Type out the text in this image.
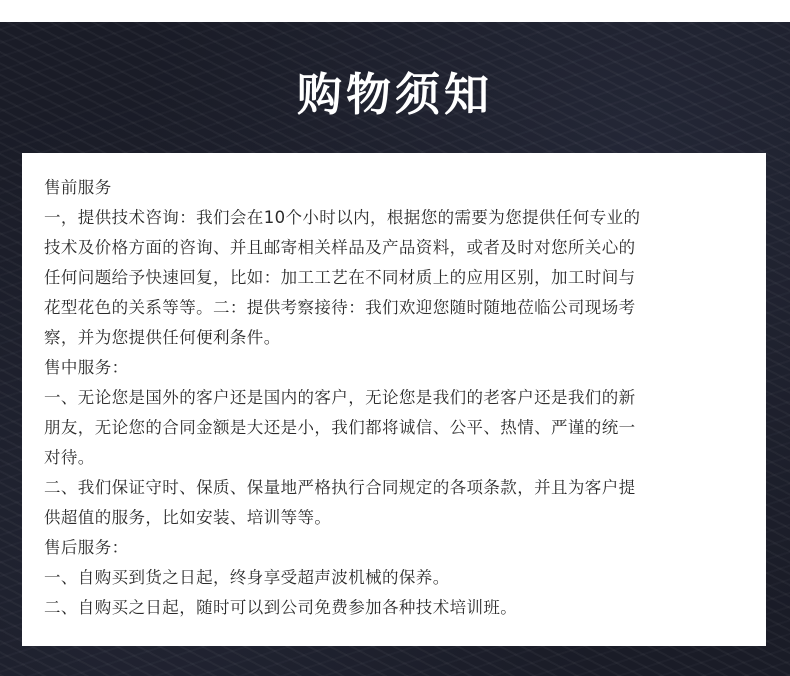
购物须知

售前服务

一，提供技术咨询：我们会在10个小时以内，根据您的需要为您提供任何专业的

技术及价格方面的咨询、并且邮寄相关样品及产品资料，或者及时对您所关心的

任何问题给予快速回复，比如：加工工艺在不同材质上的应用区别，加工时间与

花型花色的关系等等。二：提供考察接待：我们欢迎您随时随地莅临公司现场考

察，并为您提供任何便利条件。

售中服务：

一、无论您是国外的客户还是国内的客户，无论您是我们的老客户还是我们的新

朋友，无论您的合同金额是大还是小，我们都将诚信、公平、热情、严谨的统一

对待。

二、我们保证守时、保质、保量地严格执行合同规定的各项条款，并且为客户提

供超值的服务，比如安装、培训等等。

售后服务：

一、自购买到货之日起，终身享受超声波机械的保养。

二、自购买之日起，随时可以到公司免费参加各种技术培训班。
